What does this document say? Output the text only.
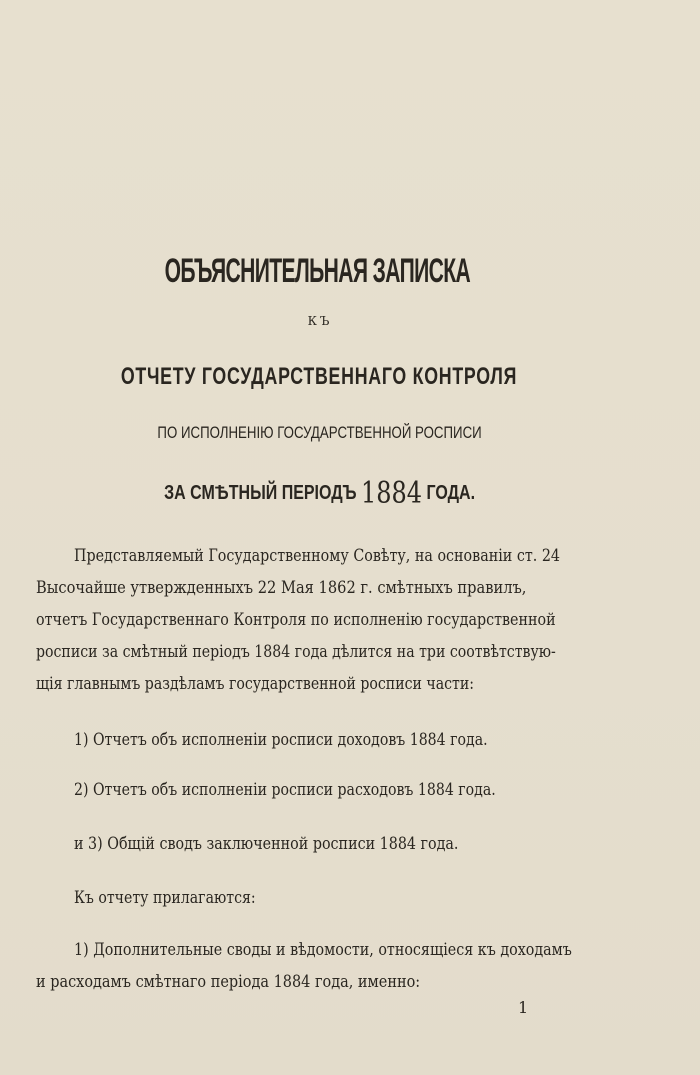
ОБЪЯСНИТЕЛЬНАЯ ЗАПИСКА
КЪ
ОТЧЕТУ ГОСУДАРСТВЕННАГО КОНТРОЛЯ
ПО ИСПОЛНЕНІЮ ГОСУДАРСТВЕННОЙ РОСПИСИ
ЗА СМѢТНЫЙ ПЕРІОДЪ 1884 ГОДА.
Представляемый Государственному Совѣту, на основаніи ст. 24
Высочайше утвержденныхъ 22 Мая 1862 г. смѣтныхъ правилъ,
отчетъ Государственнаго Контроля по исполненію государственной
росписи за смѣтный періодъ 1884 года дѣлится на три соотвѣтствую-
щія главнымъ раздѣламъ государственной росписи части:
1) Отчетъ объ исполненіи росписи доходовъ 1884 года.
2) Отчетъ объ исполненіи росписи расходовъ 1884 года.
и 3) Общій сводъ заключенной росписи 1884 года.
Къ отчету прилагаются:
1) Дополнительные своды и вѣдомости, относящіеся къ доходамъ
и расходамъ смѣтнаго періода 1884 года, именно:
1
